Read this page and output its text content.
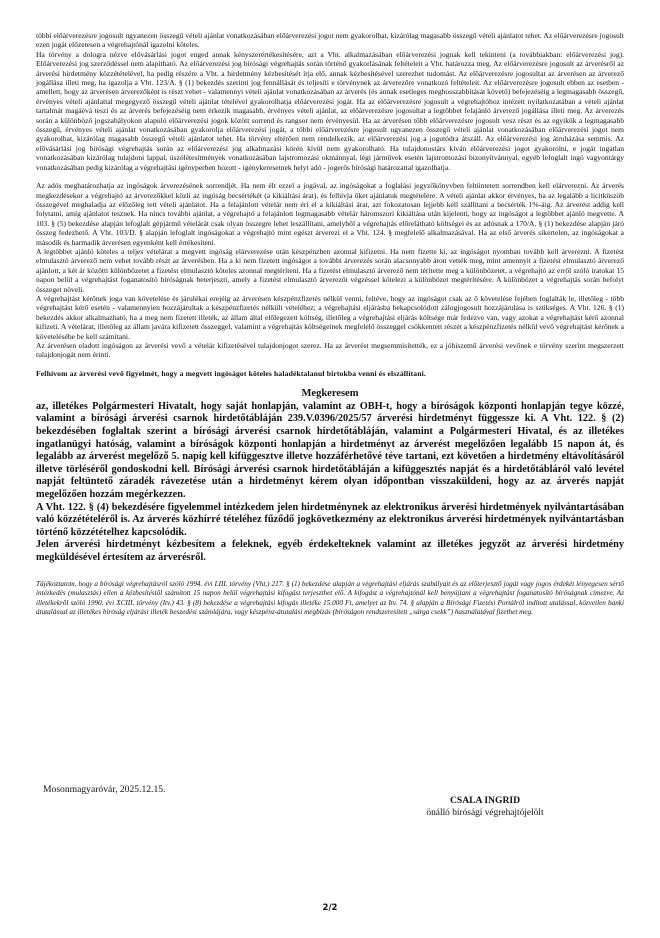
többi előárverezésre jogosult ugyanezen összegű vételi ajánlat vonatkozásában előárverezési jogot nem gyakorolhat, kizárólag magasabb összegű vételi ajánlatot tehet. Az előárverezésre jogosult ezen jogát előzetesen a végrehajtónál igazolni köteles.

Ha törvény a dologra nézve elővásárlási jogot enged annak kényszerértékesítésére, azt a Vht. alkalmazásában előárverezési jognak kell tekinteni (a továbbiakban: előárverezési jog). Előárverezési jog szerződéssel nem alapítható. Az előárverezési jog bírósági végrehajtás során történő gyakorlásának feltételeit a Vht. határozza meg. Az előárverezésre jogosult az árverésről az árverési hirdetmény közzétételével, ha pedig részére a Vht. a hirdetmény kézbesítését írja elő, annak kézbesítésével szerezhet tudomást. Az előárverezésre jogosultat az árverésen az árverező jogállása illeti meg, ha igazolja a Vht. 123/A. § (1) bekezdés szerinti jog fennállását és teljesíti e törvénynek az árverezőre vonatkozó feltételeit. Az előárverezésre jogosult ebben az esetben - amellett, hogy az árverésen árverezőként is részt vehet - valamennyi vételi ajánlat vonatkozásában az árverés (és annak esetleges meghosszabbítását követő) befejezéséig a legmagasabb összegű, érvényes vételi ajánlattal megegyező összegű vételi ajánlat tételével gyakorolhatja előárverezési jogát. Ha az előárverezésre jogosult a végrehajtóhoz intézett nyilatkozatában a vételi ajánlat tartalmát magáévá teszi és az árverés befejezéséig nem érkezik magasabb, érvényes vételi ajánlat, az előárverezésre jogosultat a legtöbbet felajánló árverező jogállása illeti meg. Az árverezés során a különböző jogszabályokon alapuló előárverezési jogok között sorrend és rangsor nem érvényesül. Ha az árverésen több előárverezésre jogosult vesz részt és az egyikük a legmagasabb összegű, érvényes vételi ajánlat vonatkozásában gyakorolja előárverezési jogát, a többi előárverezésre jogosult ugyanezen összegű vételi ajánlat vonatkozásában előárverezési jogot nem gyakorolhat, kizárólag magasabb összegű vételi ajánlatot tehet. Ha törvény eltérően nem rendelkezik, az előárverezési jog a jogutódra átszáll. Az előárverezési jog átruházása semmis. Az elővásárlási jog bírósági végrehajtás során az előárverezési jog alkalmazási körén kívül nem gyakorolható. Ha tulajdonostárs kíván előárverezési jogot gyakorolni, e jogát ingatlan vonatkozásában kizárólag tulajdoni lappal, úszólétesítmények vonatkozásában lajstromozási okmánnyal, légi járművek esetén lajstromozási bizonyítvánnyal, egyéb lefoglalt ingó vagyontárgy vonatkozásában pedig kizárólag a végrehajtási igényperben hozott - igénykeresetnek helyt adó - jogerős bírósági határozattal igazolhatja.

Az adós meghatározhatja az ingóságok árverezésének sorrendjét. Ha nem élt ezzel a jogával, az ingóságokat a foglalási jegyzőkönyvben feltüntetett sorrendben kell elárverezni. Az árverés megkezdésekor a végrehajtó az árverezőkkel közli az ingóság becsértékét (a kikiáltási árat), és felhívja őket ajánlatuk megtételére. A vételi ajánlat akkor érvényes, ha az legalább a licitküszöb összegével meghaladja az előzőleg tett vételi ajánlatot. Ha a felajánlott vételár nem éri el a kikiáltási árat, azt fokozatosan lejjebb kell szállítani a becsérték 1%-áig. Az árverést addig kell folytatni, amíg ajánlatot tesznek. Ha nincs további ajánlat, a végrehajtó a felajánlott legmagasabb vételár háromszori kikiáltása után kijelenti, hogy az ingóságot a legtöbbet ajánló megvette. A 103. § (5) bekezdése alapján lefoglalt gépjármű vételárát csak olyan összegre lehet leszállítani, amelyből a végrehajtás előrelátható költségei és az adósnak a 170/A. § (1) bekezdése alapján járó összeg fedezhető. A Vht. 103/D. § alapján lefoglalt ingóságokat a végrehajtó mint egészt árverezi el a Vht. 124. § megfelelő alkalmazásával. Ha az első árverés sikertelen, az ingóságokat a második és harmadik árverésen egyenként kell értékesíteni.

A legtöbbet ajánló köteles a teljes vételárat a megvett ingóság elárverezése után készpénzben azonnal kifizetni. Ha nem fizette ki, az ingóságot nyomban tovább kell árverezni. A fizetést elmulasztó árverező nem vehet tovább részt az árverésben. Ha a ki nem fizetett ingóságot a további árverezés során alacsonyabb áron vették meg, mint amennyit a fizetést elmulasztó árverező ajánlott, a két ár közötti különbözetet a fizetést elmulasztó köteles azonnal megtéríteni. Ha a fizetést elmulasztó árverező nem térítette meg a különbözetet, a végrehajtó az erről szóló iratokat 15 napon belül a végrehajtást foganatosító bíróságnak beterjeszti, amely a fizetést elmulasztó árverezőt végzéssel kötelezi a különbözet megtérítésére. A különbözet a végrehajtás során befolyt összeget növeli.

A végrehajtást kérőnek joga van követelése és járulékai erejéig az árverésen készpénzfizetés nélkül venni, feltéve, hogy az ingóságot csak az ő követelése fejében foglalták le, illetőleg - több végrehajtást kérő esetén - valamennyien hozzájárultak a készpénzfizetés nélküli vételéhez; a végrehajtási eljárásba bekapcsolódott zálogjogosult hozzájárulása is szükséges. A Vht. 126. § (1) bekezdés akkor alkalmazható, ha a meg nem fizetett illeték, az állam által előlegezett költség, illetőleg a végrehajtási eljárás költsége már fedezve van, vagy azokat a végrehajtást kérő azonnal kifizeti. A vételárat, illetőleg az állam javára kifizetett összeggel, valamint a végrehajtás költségeinek megfelelő összeggel csökkentett részét a készpénzfizetés nélkül vevő végrehajtást kérőnek a követelésébe be kell számítani.

Az árverésen eladott ingóságon az árverési vevő a vételár kifizetésével tulajdonjogot szerez. Ha az árverést megsemmisítették, ez a jóhiszemű árverési vevőnek e törvény szerint megszerzett tulajdonjogát nem érinti.

Felhívom az árverési vevő figyelmét, hogy a megvett ingóságot köteles haladéktalanul birtokba venni és elszállítani.

Megkeresem

az, illetékes Polgármesteri Hivatalt, hogy saját honlapján, valamint az OBH-t, hogy a bíróságok központi honlapján tegye közzé, valamint a bírósági árverési csarnok hirdetőtábláján 239.V.0396/2025/57 árverési hirdetményt függessze ki. A Vht. 122. § (2) bekezdésében foglaltak szerint a bírósági árverési csarnok hirdetőtábláján, valamint a Polgármesteri Hivatal, és az illetékes ingatlanügyi hatóság, valamint a bíróságok központi honlapján a hirdetményt az árverést megelőzően legalább 15 napon át, és legalább az árverést megelőző 5. napig kell kifüggesztve illetve hozzáférhetővé téve tartani, ezt követően a hirdetmény eltávolításáról illetve törléséről gondoskodni kell. Bírósági árverési csarnok hirdetőtábláján a kifüggesztés napját és a hirdetőtábláról való levétel napját feltüntető záradék rávezetése után a hirdetményt kérem olyan időpontban visszaküldeni, hogy az az árverés napját megelőzően hozzám megérkezzen.

A Vht. 122. § (4) bekezdésére figyelemmel intézkedem jelen hirdetménynek az elektronikus árverési hirdetmények nyilvántartásában való közzétételéről is. Az árverés közhírré tételéhez fűződő jogkövetkezmény az elektronikus árverési hirdetmények nyilvántartásban történő közzétételhez kapcsolódik.

Jelen árverési hirdetményt kézbesítem a feleknek, egyéb érdekelteknek valamint az illetékes jegyzőt az árverési hirdetmény megküldésével értesítem az árverésről.

Tájékoztatom, hogy a bírósági végrehajtásról szóló 1994. évi LIII. törvény (Vht.) 217. § (1) bekezdése alapján a végrehajtási eljárás szabályait és az előterjesztő jogát vagy jogos érdekét lényegesen sértő intézkedés (mulasztás) ellen a kézbesítéstől számított 15 napon belül végrehajtási kifogást terjeszthet elő. A kifogást a végrehajtónál kell benyújtani a végrehajtást foganatosító bíróságnak címezve. Az illetékekről szóló 1990. évi XCIII. törvény (Itv.) 43. § (8) bekezdése a végrehajtási kifogás illetéke 15.000 Ft, amelyet az Itv. 74. § alapján a Bírósági Fizetési Portálról indított utalással, közvetlen banki átutalással az illetékes bíróság eljárási illeték beszedési számlájára, vagy készpénz-átutalási megbízás (bíróságon rendszeresített „sárga csekk”) használatával fizethet meg.

Mosonmagyaróvár, 2025.12.15.
CSALA INGRID
önálló bírósági végrehajtójelölt
2/2
